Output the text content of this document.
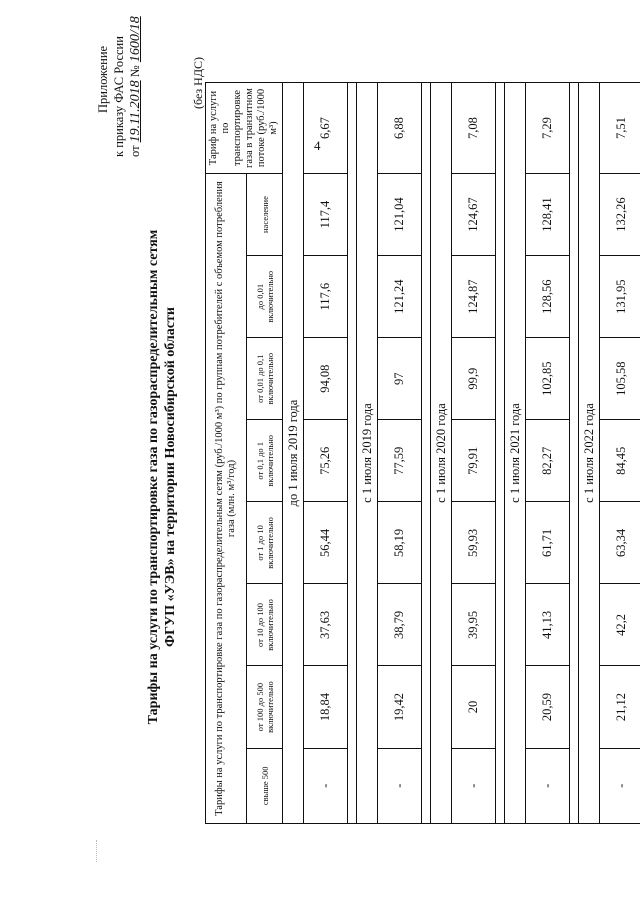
4
Приложение к приказу ФАС России от 19.11.2018 № 1600/18
Тарифы на услуги по транспортировке газа по газораспределительным сетям ФГУП «УЭВ» на территории Новосибирской области
(без НДС)
Тарифы на услуги по транспортировке газа по газораспределительным сетям (руб./1000 м³) по группам потребителей с объемом потребления газа (млн. м³/год)								Тариф на услуги по транспортировке газа в транзитном потоке (руб./1000 м³)
свыше 500	от 100 до 500 включительно	от 10 до 100 включительно	от 1 до 10 включительно	от 0,1 до 1 включительно	от 0,01 до 0,1 включительно	до 0,01 включительно	население	
до 1 июля 2019 года								
-	18,84	37,63	56,44	75,26	94,08	117,6	117,4	6,67

с 1 июля 2019 года								
-	19,42	38,79	58,19	77,59	97	121,24	121,04	6,88

с 1 июля 2020 года								
-	20	39,95	59,93	79,91	99,9	124,87	124,67	7,08

с 1 июля 2021 года								
-	20,59	41,13	61,71	82,27	102,85	128,56	128,41	7,29

с 1 июля 2022 года								
-	21,12	42,2	63,34	84,45	105,58	131,95	132,26	7,51
